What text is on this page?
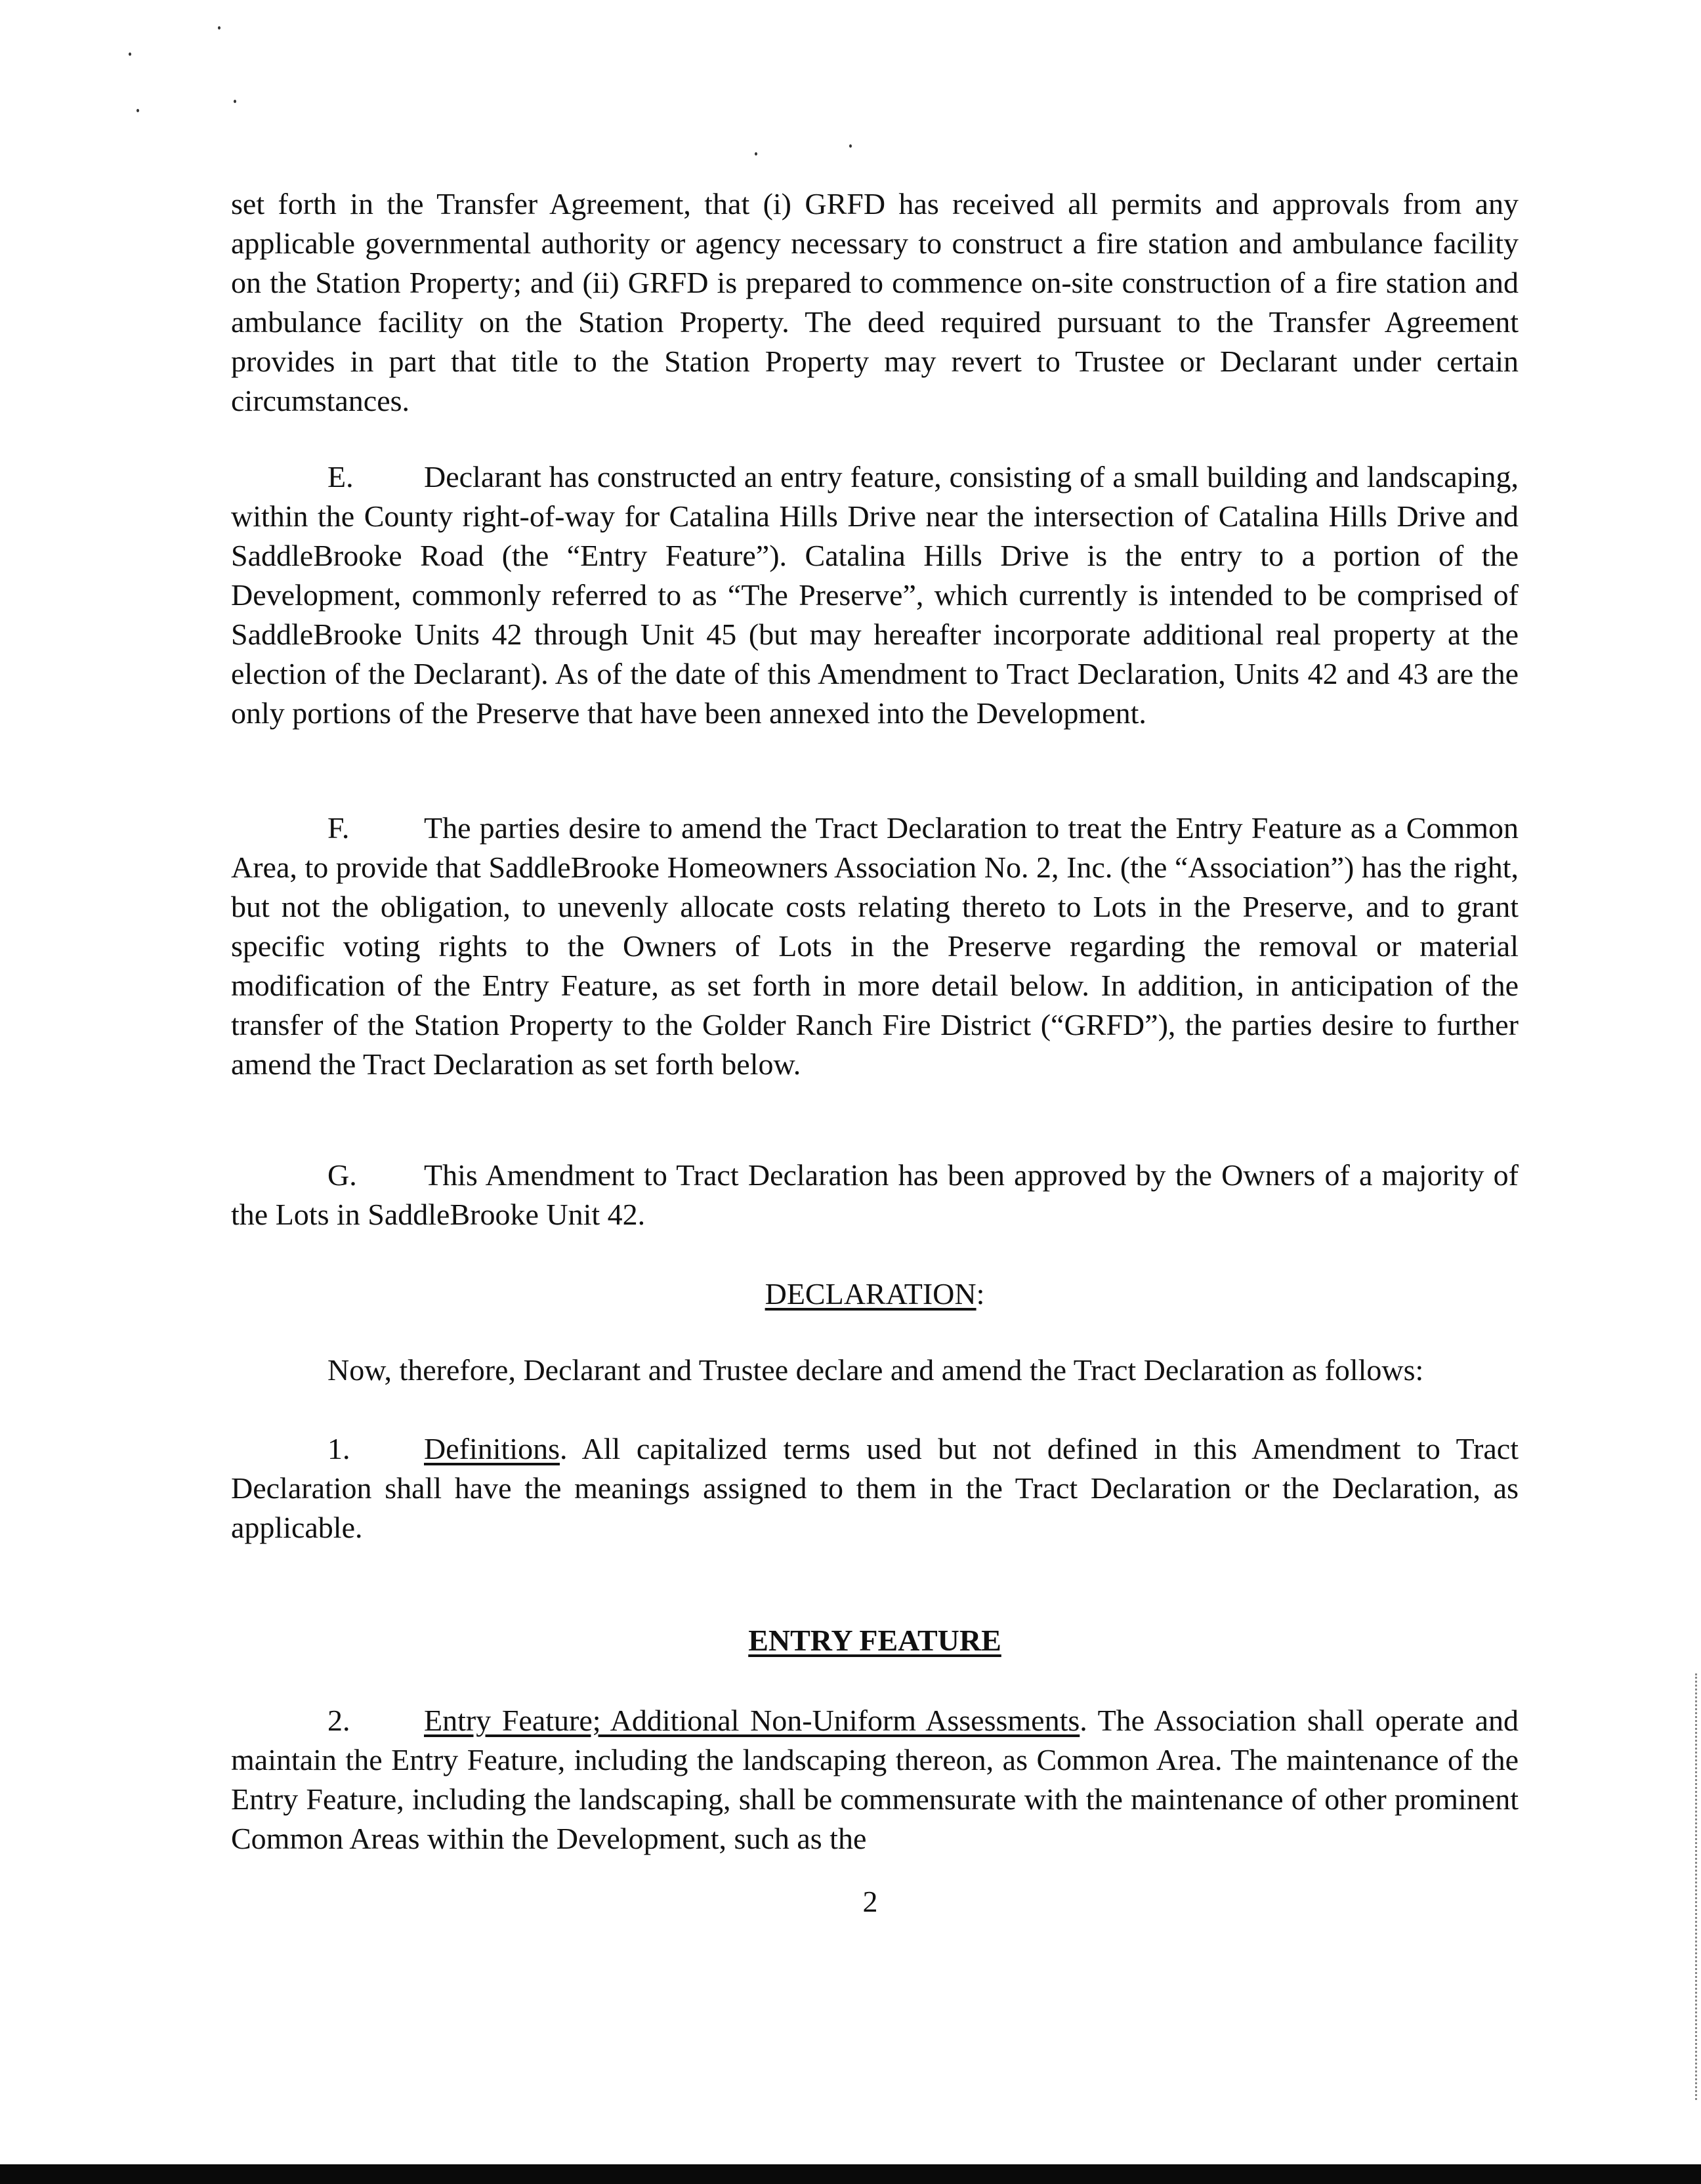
set forth in the Transfer Agreement, that (i) GRFD has received all permits and approvals from any applicable governmental authority or agency necessary to construct a fire station and ambulance facility on the Station Property; and (ii) GRFD is prepared to commence on-site construction of a fire station and ambulance facility on the Station Property. The deed required pursuant to the Transfer Agreement provides in part that title to the Station Property may revert to Trustee or Declarant under certain circumstances.

E. Declarant has constructed an entry feature, consisting of a small building and landscaping, within the County right-of-way for Catalina Hills Drive near the intersection of Catalina Hills Drive and SaddleBrooke Road (the “Entry Feature”). Catalina Hills Drive is the entry to a portion of the Development, commonly referred to as “The Preserve”, which currently is intended to be comprised of SaddleBrooke Units 42 through Unit 45 (but may hereafter incorporate additional real property at the election of the Declarant). As of the date of this Amendment to Tract Declaration, Units 42 and 43 are the only portions of the Preserve that have been annexed into the Development.

F. The parties desire to amend the Tract Declaration to treat the Entry Feature as a Common Area, to provide that SaddleBrooke Homeowners Association No. 2, Inc. (the “Association”) has the right, but not the obligation, to unevenly allocate costs relating thereto to Lots in the Preserve, and to grant specific voting rights to the Owners of Lots in the Preserve regarding the removal or material modification of the Entry Feature, as set forth in more detail below. In addition, in anticipation of the transfer of the Station Property to the Golder Ranch Fire District (“GRFD”), the parties desire to further amend the Tract Declaration as set forth below.

G. This Amendment to Tract Declaration has been approved by the Owners of a majority of the Lots in SaddleBrooke Unit 42.

DECLARATION:

Now, therefore, Declarant and Trustee declare and amend the Tract Declaration as follows:

1. Definitions. All capitalized terms used but not defined in this Amendment to Tract Declaration shall have the meanings assigned to them in the Tract Declaration or the Declaration, as applicable.

ENTRY FEATURE

2. Entry Feature; Additional Non-Uniform Assessments. The Association shall operate and maintain the Entry Feature, including the landscaping thereon, as Common Area. The maintenance of the Entry Feature, including the landscaping, shall be commensurate with the maintenance of other prominent Common Areas within the Development, such as the

2
